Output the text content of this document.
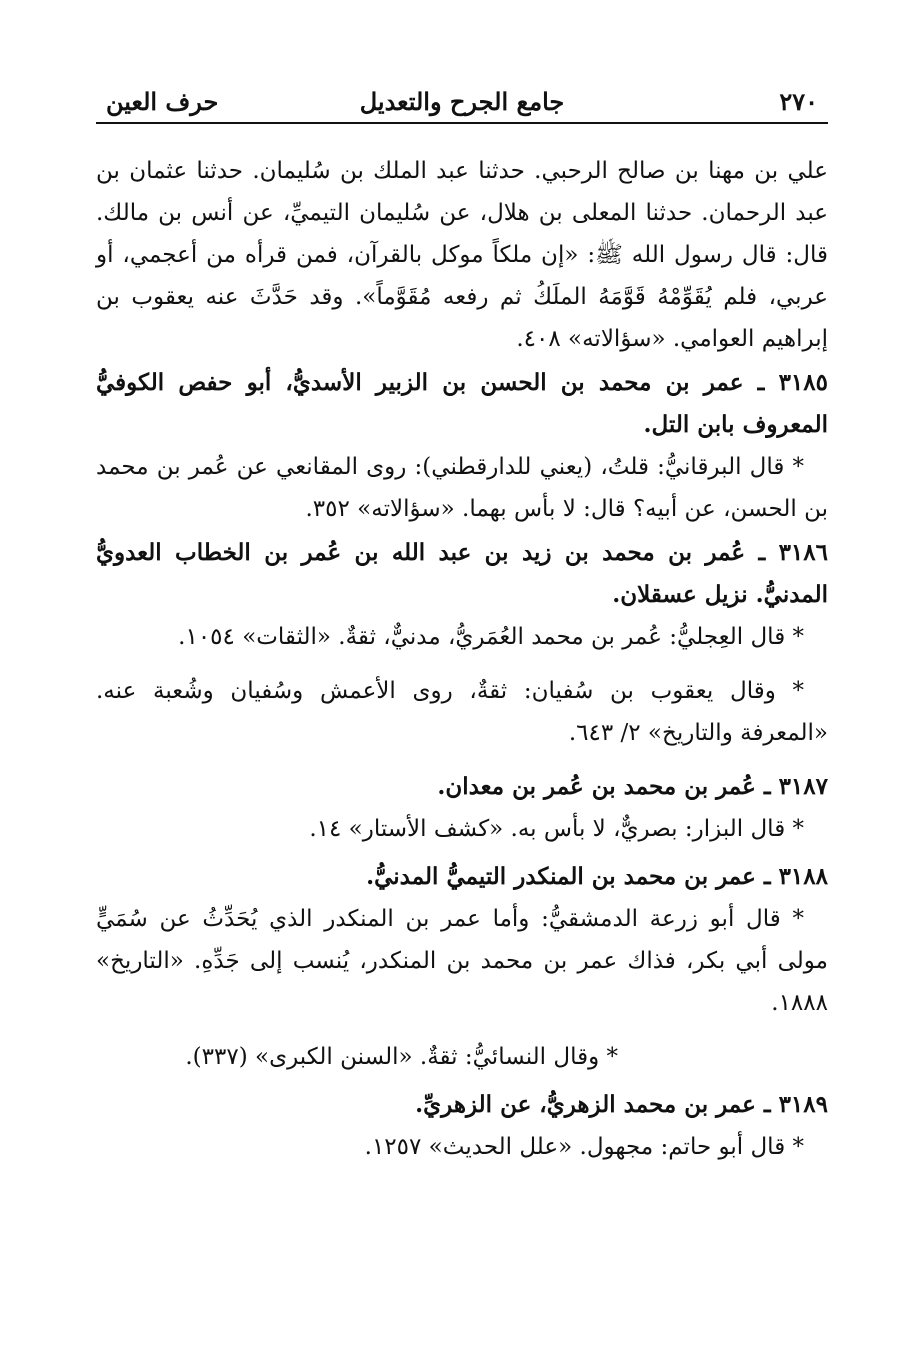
٢٧٠
جامع الجرح والتعديل
حرف العين

علي بن مهنا بن صالح الرحبي. حدثنا عبد الملك بن سُليمان. حدثنا عثمان بن عبد الرحمان. حدثنا المعلى بن هلال، عن سُليمان التيميِّ، عن أنس بن مالك. قال: قال رسول الله ﷺ: «إن ملكاً موكل بالقرآن، فمن قرأه من أعجمي، أو عربي، فلم يُقَوِّمْهُ قَوَّمَهُ الملَكُ ثم رفعه مُقَوَّماً». وقد حَدَّثَ عنه يعقوب بن إبراهيم العوامي. «سؤالاته» ٤٠٨.

٣١٨٥ ـ عمر بن محمد بن الحسن بن الزبير الأسديُّ، أبو حفص الكوفيُّ المعروف بابن التل.

* قال البرقانيُّ: قلتُ، (يعني للدارقطني): روى المقانعي عن عُمر بن محمد بن الحسن، عن أبيه؟ قال: لا بأس بهما. «سؤالاته» ٣٥٢.

٣١٨٦ ـ عُمر بن محمد بن زيد بن عبد الله بن عُمر بن الخطاب العدويُّ المدنيُّ. نزيل عسقلان.

* قال العِجليُّ: عُمر بن محمد العُمَريُّ، مدنيٌّ، ثقةٌ. «الثقات» ١٠٥٤.

* وقال يعقوب بن سُفيان: ثقةٌ، روى الأعمش وسُفيان وشُعبة عنه. «المعرفة والتاريخ» ٢/ ٦٤٣.

٣١٨٧ ـ عُمر بن محمد بن عُمر بن معدان.

* قال البزار: بصريٌّ، لا بأس به. «كشف الأستار» ١٤.

٣١٨٨ ـ عمر بن محمد بن المنكدر التيميُّ المدنيُّ.

* قال أبو زرعة الدمشقيُّ: وأما عمر بن المنكدر الذي يُحَدِّثُ عن سُمَيٍّ مولى أبي بكر، فذاك عمر بن محمد بن المنكدر، يُنسب إلى جَدِّهِ. «التاريخ» ١٨٨٨.

* وقال النسائيُّ: ثقةٌ. «السنن الكبرى» (٣٣٧).

٣١٨٩ ـ عمر بن محمد الزهريُّ، عن الزهريِّ.

* قال أبو حاتم: مجهول. «علل الحديث» ١٢٥٧.
